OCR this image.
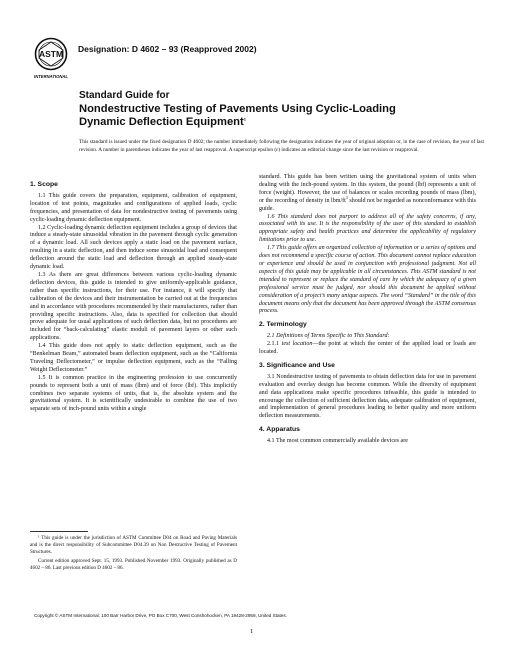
ASTM
INTERNATIONAL
Designation: D 4602 – 93 (Reapproved 2002)
Standard Guide for
Nondestructive Testing of Pavements Using Cyclic-Loading
Dynamic Deflection Equipment$^1$
This standard is issued under the fixed designation D 4602; the number immediately following the designation indicates the year of original adoption or, in the case of revision, the year of last revision. A number in parentheses indicates the year of last reapproval. A superscript epsilon (ε) indicates an editorial change since the last revision or reapproval.
1. Scope

1.1 This guide covers the preparation, equipment, calibration of equipment, location of test points, magnitudes and configurations of applied loads, cyclic frequencies, and presentation of data for nondestructive testing of pavements using cyclic-loading dynamic deflection equipment.

1.2 Cyclic-loading dynamic deflection equipment includes a group of devices that induce a steady-state sinusoidal vibration in the pavement through cyclic generation of a dynamic load. All such devices apply a static load on the pavement surface, resulting in a static deflection, and then induce some sinusoidal load and consequent deflection around the static load and deflection through an applied steady-state dynamic load.

1.3 As there are great differences between various cyclic-loading dynamic deflection devices, this guide is intended to give uniformly-applicable guidance, rather than specific instructions, for their use. For instance, it will specify that calibration of the devices and their instrumentation be carried out at the frequencies and in accordance with procedures recommended by their manufacturers, rather than providing specific instructions. Also, data is specified for collection that should prove adequate for usual applications of such deflection data, but no procedures are included for “back-calculating” elastic moduli of pavement layers or other such applications.

1.4 This guide does not apply to static deflection equipment, such as the “Benkelman Beam,” automated beam deflection equipment, such as the “California Traveling Deflectometer,” or impulse deflection equipment, such as the “Falling Weight Deflectometer.”

1.5 It is common practice in the engineering profession to use concurrently pounds to represent both a unit of mass (lbm) and of force (lbf). This implicitly combines two separate systems of units, that is, the absolute system and the gravitational system. It is scientifically undesirable to combine the use of two separate sets of inch-pound units within a single

¹ This guide is under the jurisdiction of ASTM Committee D04 on Road and Paving Materials and is the direct responsibility of Subcommittee D04.39 on Non Destructive Testing of Pavement Structures.

Current edition approved Sept. 15, 1993. Published November 1993. Originally published as D 4602 – 86. Last previous edition D 4602 – 86.

standard. This guide has been written using the gravitational system of units when dealing with the inch-pound system. In this system, the pound (lbf) represents a unit of force (weight). However, the use of balances or scales recording pounds of mass (lbm), or the recording of density in lbm/$ft^3$ should not be regarded as nonconformance with this guide.

1.6 This standard does not purport to address all of the safety concerns, if any, associated with its use. It is the responsibility of the user of this standard to establish appropriate safety and health practices and determine the applicability of regulatory limitations prior to use.

1.7 This guide offers an organized collection of information or a series of options and does not recommend a specific course of action. This document cannot replace education or experience and should be used in conjunction with professional judgment. Not all aspects of this guide may be applicable in all circumstances. This ASTM standard is not intended to represent or replace the standard of care by which the adequacy of a given professional service must be judged, nor should this document be applied without consideration of a project’s many unique aspects. The word “Standard” in the title of this document means only that the document has been approved through the ASTM consensus process.

2. Terminology

2.1 Definitions of Terms Specific to This Standard:

2.1.1 test location—the point at which the center of the applied load or loads are located.

3. Significance and Use

3.1 Nondestructive testing of pavements to obtain deflection data for use in pavement evaluation and overlay design has become common. While the diversity of equipment and data applications make specific procedures infeasible, this guide is intended to encourage the collection of sufficient deflection data, adequate calibration of equipment, and implementation of general procedures leading to better quality and more uniform deflection measurements.

4. Apparatus

4.1 The most common commercially available devices are

Copyright © ASTM International, 100 Barr Harbor Drive, PO Box C700, West Conshohocken, PA 19428-2959, United States.
1
